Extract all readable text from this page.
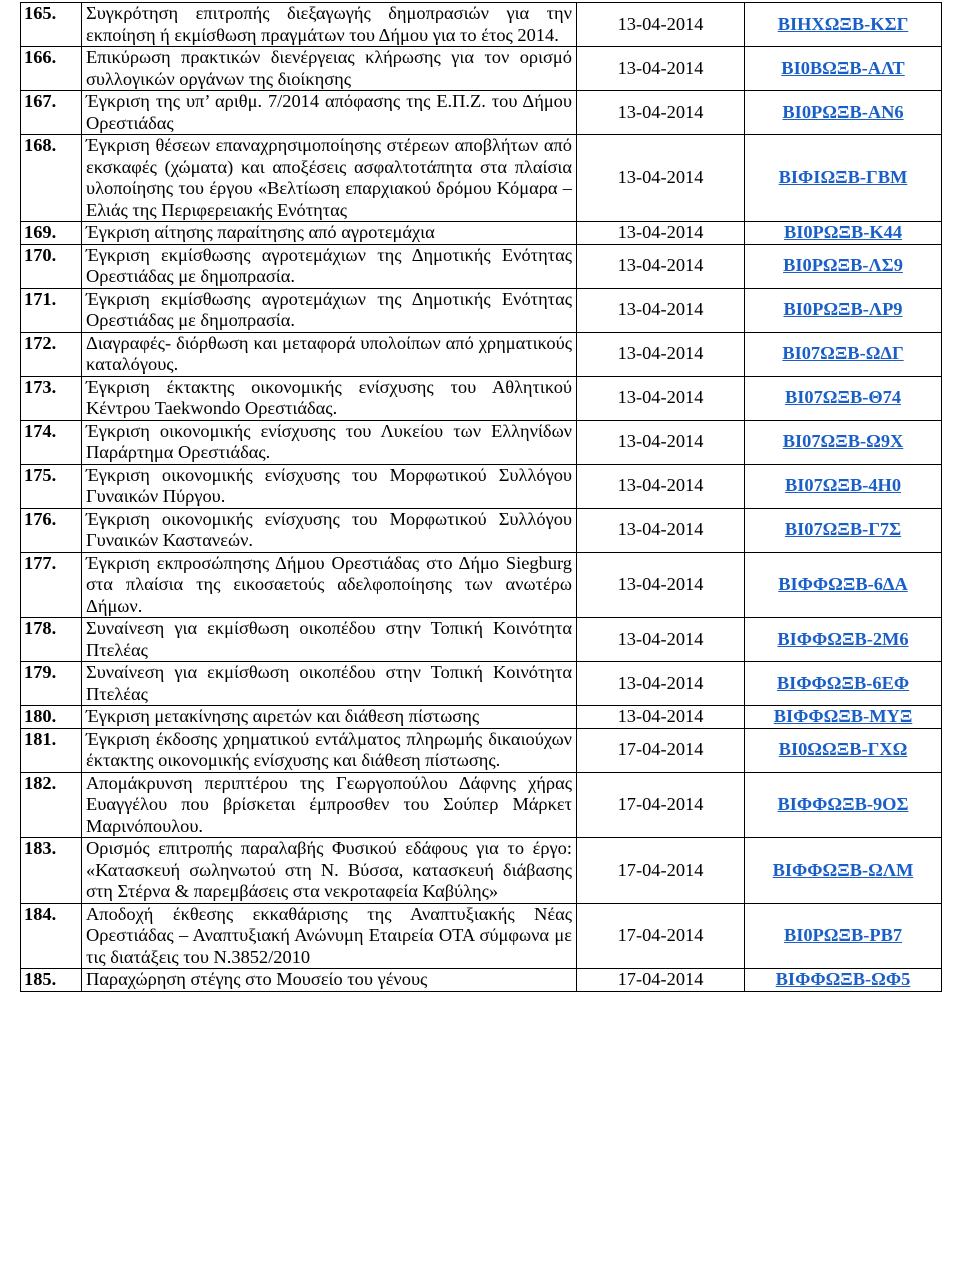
165.	Συγκρότηση επιτροπής διεξαγωγής δημοπρασιών για την εκποίηση ή εκμίσθωση πραγμάτων του Δήμου για το έτος 2014.	13-04-2014	ΒΙΗΧΩΞΒ-ΚΣΓ
166.	Επικύρωση πρακτικών διενέργειας κλήρωσης για τον ορισμό συλλογικών οργάνων της διοίκησης	13-04-2014	ΒΙ0ΒΩΞΒ-ΑΛΤ
167.	Έγκριση της υπ’ αριθμ. 7/2014 απόφασης της Ε.Π.Ζ. του Δήμου Ορεστιάδας	13-04-2014	ΒΙ0ΡΩΞΒ-ΑΝ6
168.	Έγκριση θέσεων επαναχρησιμοποίησης στέρεων αποβλήτων από εκσκαφές (χώματα) και αποξέσεις ασφαλτοτάπητα στα πλαίσια υλοποίησης του έργου «Βελτίωση επαρχιακού δρόμου Κόμαρα – Ελιάς της Περιφερειακής Ενότητας	13-04-2014	ΒΙΦΙΩΞΒ-ΓΒΜ
169.	Έγκριση αίτησης παραίτησης από αγροτεμάχια	13-04-2014	ΒΙ0ΡΩΞΒ-Κ44
170.	Έγκριση εκμίσθωσης αγροτεμάχιων της Δημοτικής Ενότητας Ορεστιάδας με δημοπρασία.	13-04-2014	ΒΙ0ΡΩΞΒ-ΛΣ9
171.	Έγκριση εκμίσθωσης αγροτεμάχιων της Δημοτικής Ενότητας Ορεστιάδας με δημοπρασία.	13-04-2014	ΒΙ0ΡΩΞΒ-ΛΡ9
172.	Διαγραφές- διόρθωση και μεταφορά υπολοίπων από χρηματικούς καταλόγους.	13-04-2014	ΒΙ07ΩΞΒ-ΩΔΓ
173.	Έγκριση έκτακτης οικονομικής ενίσχυσης του Αθλητικού Κέντρου Taekwondo Ορεστιάδας.	13-04-2014	ΒΙ07ΩΞΒ-Θ74
174.	Έγκριση οικονομικής ενίσχυσης του Λυκείου των Ελληνίδων Παράρτημα Ορεστιάδας.	13-04-2014	ΒΙ07ΩΞΒ-Ω9Χ
175.	Έγκριση οικονομικής ενίσχυσης του Μορφωτικού Συλλόγου Γυναικών Πύργου.	13-04-2014	ΒΙ07ΩΞΒ-4Η0
176.	Έγκριση οικονομικής ενίσχυσης του Μορφωτικού Συλλόγου Γυναικών Καστανεών.	13-04-2014	ΒΙ07ΩΞΒ-Γ7Σ
177.	Έγκριση εκπροσώπησης Δήμου Ορεστιάδας στο Δήμο Siegburg στα πλαίσια της εικοσαετούς αδελφοποίησης των ανωτέρω Δήμων.	13-04-2014	ΒΙΦΦΩΞΒ-6ΔΑ
178.	Συναίνεση για εκμίσθωση οικοπέδου στην Τοπική Κοινότητα Πτελέας	13-04-2014	ΒΙΦΦΩΞΒ-2Μ6
179.	Συναίνεση για εκμίσθωση οικοπέδου στην Τοπική Κοινότητα Πτελέας	13-04-2014	ΒΙΦΦΩΞΒ-6ΕΦ
180.	Έγκριση μετακίνησης αιρετών και διάθεση πίστωσης	13-04-2014	ΒΙΦΦΩΞΒ-ΜΥΞ
181.	Έγκριση έκδοσης χρηματικού εντάλματος πληρωμής δικαιούχων έκτακτης οικονομικής ενίσχυσης και διάθεση πίστωσης.	17-04-2014	ΒΙ0ΩΩΞΒ-ΓΧΩ
182.	Απομάκρυνση περιπτέρου της Γεωργοπούλου Δάφνης χήρας Ευαγγέλου που βρίσκεται έμπροσθεν του Σούπερ Μάρκετ Μαρινόπουλου.	17-04-2014	ΒΙΦΦΩΞΒ-9ΟΣ
183.	Ορισμός επιτροπής παραλαβής Φυσικού εδάφους για το έργο: «Κατασκευή σωληνωτού στη Ν. Βύσσα, κατασκευή διάβασης στη Στέρνα & παρεμβάσεις στα νεκροταφεία Καβύλης»	17-04-2014	ΒΙΦΦΩΞΒ-ΩΛΜ
184.	Αποδοχή έκθεσης εκκαθάρισης της Αναπτυξιακής Νέας Ορεστιάδας – Αναπτυξιακή Ανώνυμη Εταιρεία ΟΤΑ σύμφωνα με τις διατάξεις του Ν.3852/2010	17-04-2014	ΒΙ0ΡΩΞΒ-ΡΒ7
185.	Παραχώρηση στέγης στο Μουσείο του γένους	17-04-2014	ΒΙΦΦΩΞΒ-ΩΦ5
